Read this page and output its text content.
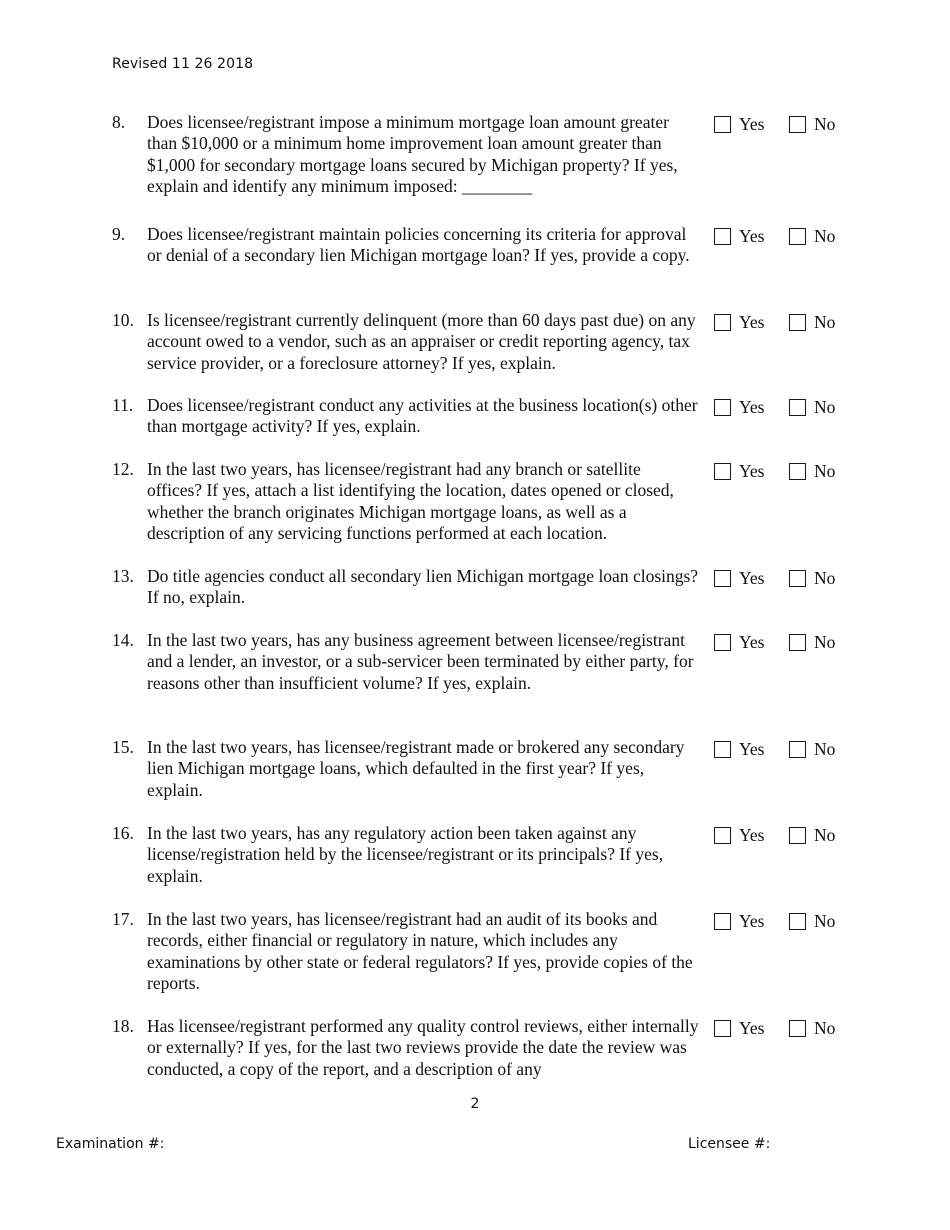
Revised 11 26 2018
8.	Does licensee/registrant impose a minimum mortgage loan amount greater than $10,000 or a minimum home improvement loan amount greater than $1,000 for secondary mortgage loans secured by Michigan property? If yes, explain and identify any minimum imposed: ________
Yes	No
9.	Does licensee/registrant maintain policies concerning its criteria for approval or denial of a secondary lien Michigan mortgage loan? If yes, provide a copy.
Yes	No
10. Is licensee/registrant currently delinquent (more than 60 days past due) on any account owed to a vendor, such as an appraiser or credit reporting agency, tax service provider, or a foreclosure attorney? If yes, explain.
Yes	No
11. Does licensee/registrant conduct any activities at the business location(s) other than mortgage activity? If yes, explain.
Yes	No
12. In the last two years, has licensee/registrant had any branch or satellite offices? If yes, attach a list identifying the location, dates opened or closed, whether the branch originates Michigan mortgage loans, as well as a description of any servicing functions performed at each location.
Yes	No
13. Do title agencies conduct all secondary lien Michigan mortgage loan closings? If no, explain.
Yes	No
14. In the last two years, has any business agreement between licensee/registrant and a lender, an investor, or a sub-servicer been terminated by either party, for reasons other than insufficient volume? If yes, explain.
Yes	No
15. In the last two years, has licensee/registrant made or brokered any secondary lien Michigan mortgage loans, which defaulted in the first year? If yes, explain.
Yes	No
16. In the last two years, has any regulatory action been taken against any license/registration held by the licensee/registrant or its principals? If yes, explain.
Yes	No
17. In the last two years, has licensee/registrant had an audit of its books and records, either financial or regulatory in nature, which includes any examinations by other state or federal regulators? If yes, provide copies of the reports.
Yes	No
18. Has licensee/registrant performed any quality control reviews, either internally or externally? If yes, for the last two reviews provide the date the review was conducted, a copy of the report, and a description of any
Yes	No
2
Examination #:	Licensee #:
